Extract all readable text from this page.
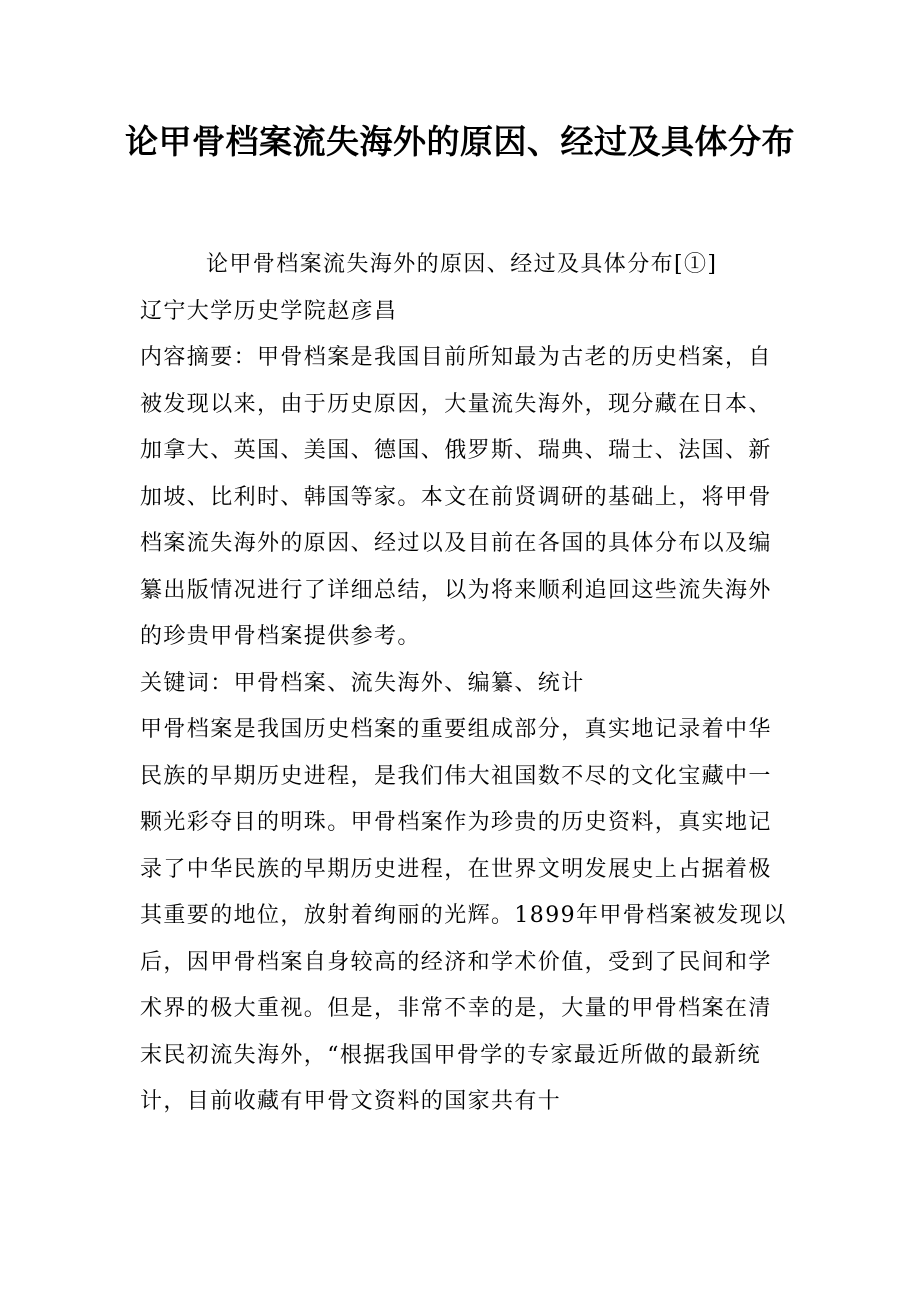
论甲骨档案流失海外的原因、经过及具体分布

论甲骨档案流失海外的原因、经过及具体分布[①]

辽宁大学历史学院赵彦昌

内容摘要：甲骨档案是我国目前所知最为古老的历史档案，自被发现以来，由于历史原因，大量流失海外，现分藏在日本、加拿大、英国、美国、德国、俄罗斯、瑞典、瑞士、法国、新加坡、比利时、韩国等家。本文在前贤调研的基础上，将甲骨档案流失海外的原因、经过以及目前在各国的具体分布以及编纂出版情况进行了详细总结，以为将来顺利追回这些流失海外的珍贵甲骨档案提供参考。

关键词：甲骨档案、流失海外、编纂、统计

甲骨档案是我国历史档案的重要组成部分，真实地记录着中华民族的早期历史进程，是我们伟大祖国数不尽的文化宝藏中一颗光彩夺目的明珠。甲骨档案作为珍贵的历史资料，真实地记录了中华民族的早期历史进程，在世界文明发展史上占据着极其重要的地位，放射着绚丽的光辉。1899年甲骨档案被发现以后，因甲骨档案自身较高的经济和学术价值，受到了民间和学术界的极大重视。但是，非常不幸的是，大量的甲骨档案在清末民初流失海外，“根据我国甲骨学的专家最近所做的最新统计，目前收藏有甲骨文资料的国家共有十
